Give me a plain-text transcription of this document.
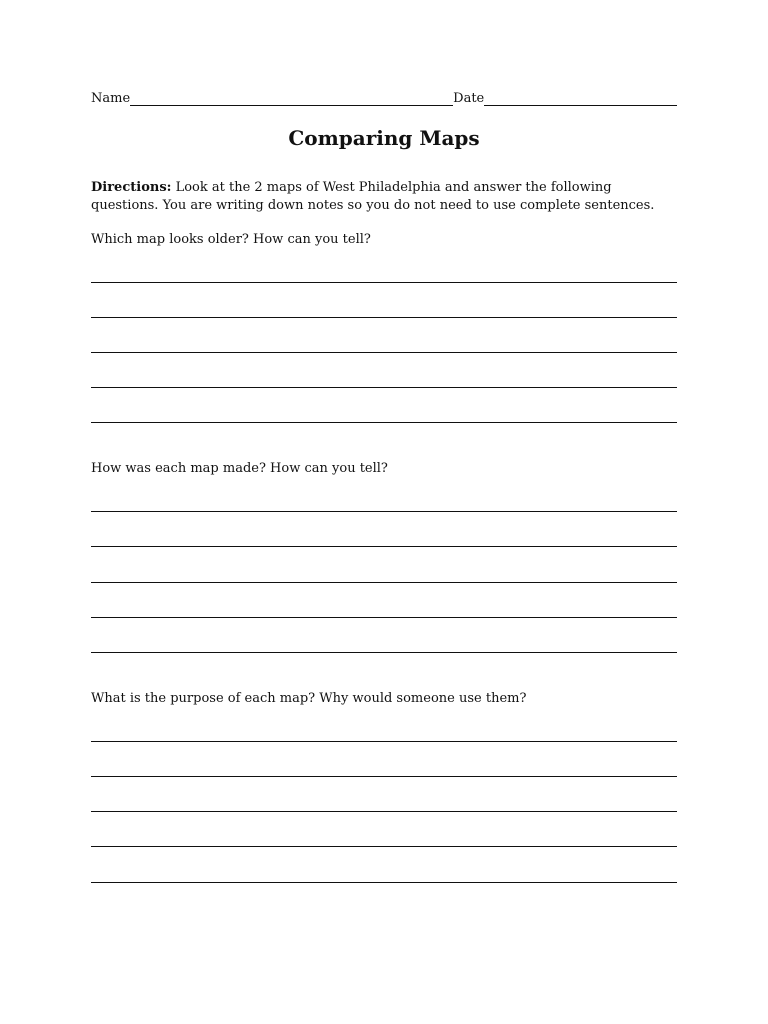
Name	Date
Comparing Maps
Directions: Look at the 2 maps of West Philadelphia and answer the following questions. You are writing down notes so you do not need to use complete sentences.
Which map looks older? How can you tell?
How was each map made? How can you tell?
What is the purpose of each map? Why would someone use them?
